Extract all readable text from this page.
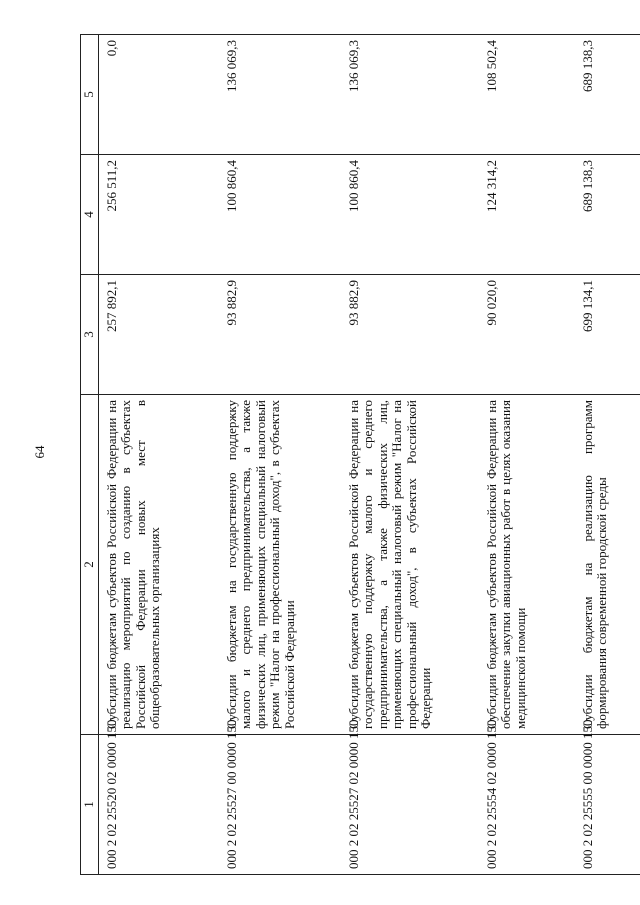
64
1	2	3	4	5
000 2 02 25520 02 0000 150	Субсидии бюджетам субъектов Российской Федерации на реализацию мероприятий по созданию в субъектах Российской Федерации новых мест в общеобразовательных организациях	257 892,1	256 511,2	0,0
000 2 02 25527 00 0000 150	Субсидии бюджетам на государственную поддержку малого и среднего предпринимательства, а также физических лиц, применяющих специальный налоговый режим "Налог на профессиональный доход", в субъектах Российской Федерации	93 882,9	100 860,4	136 069,3
000 2 02 25527 02 0000 150	Субсидии бюджетам субъектов Российской Федерации на государственную поддержку малого и среднего предпринимательства, а также физических лиц, применяющих специальный налоговый режим "Налог на профессиональный доход", в субъектах Российской Федерации	93 882,9	100 860,4	136 069,3
000 2 02 25554 02 0000 150	Субсидии бюджетам субъектов Российской Федерации на обеспечение закупки авиационных работ в целях оказания медицинской помощи	90 020,0	124 314,2	108 502,4
000 2 02 25555 00 0000 150	Субсидии бюджетам на реализацию программ формирования современной городской среды	699 134,1	689 138,3	689 138,3
